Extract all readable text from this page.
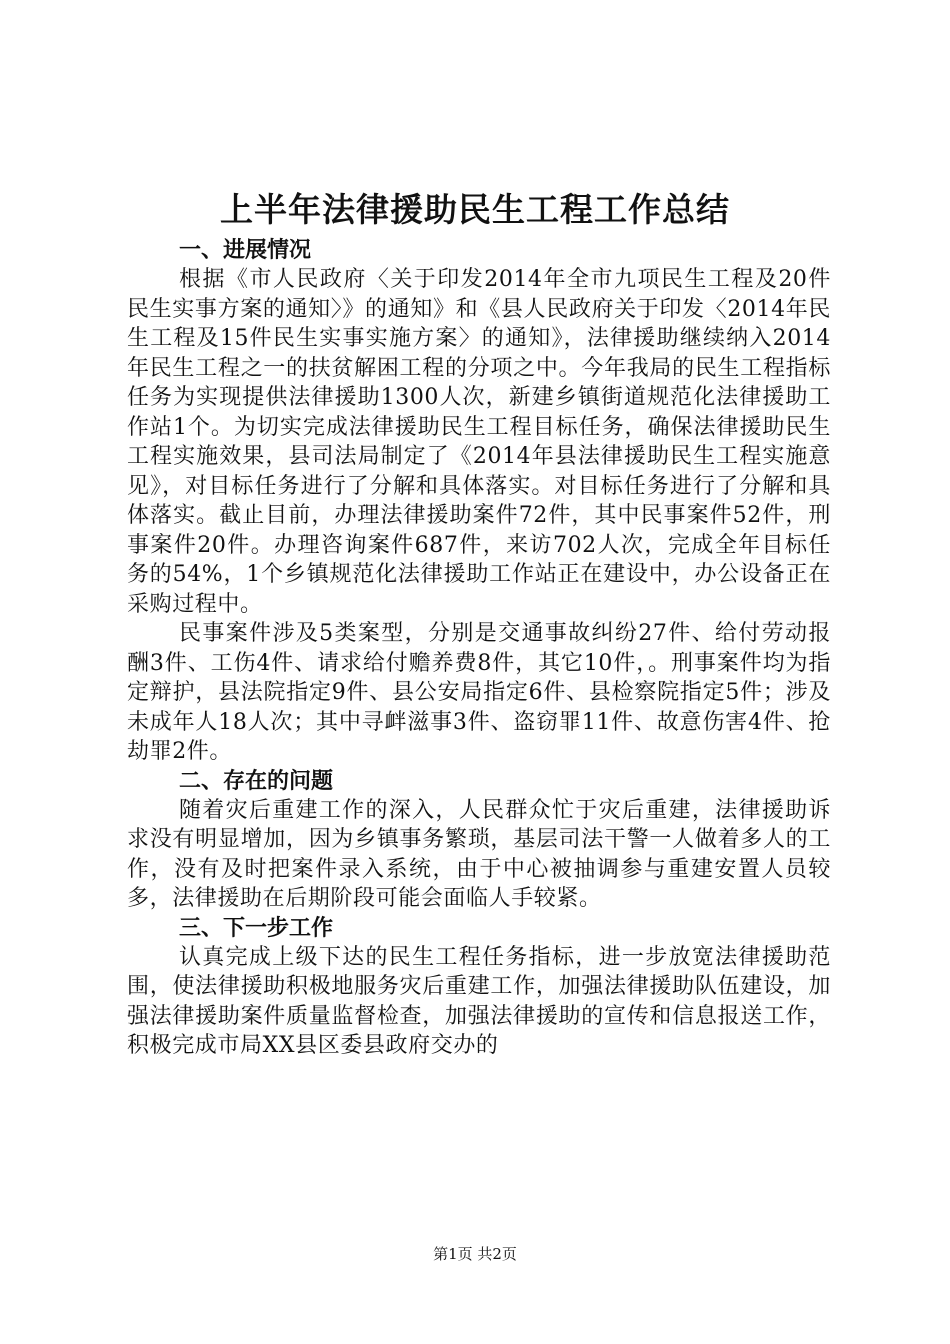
上半年法律援助民生工程工作总结
一、进展情况

根据《市人民政府〈关于印发2014年全市九项民生工程及20件民生实事方案的通知〉》的通知》和《县人民政府关于印发〈2014年民生工程及15件民生实事实施方案〉的通知》，法律援助继续纳入2014年民生工程之一的扶贫解困工程的分项之中。今年我局的民生工程指标任务为实现提供法律援助1300人次，新建乡镇街道规范化法律援助工作站1个。为切实完成法律援助民生工程目标任务，确保法律援助民生工程实施效果，县司法局制定了《2014年县法律援助民生工程实施意见》，对目标任务进行了分解和具体落实。对目标任务进行了分解和具体落实。截止目前，办理法律援助案件72件，其中民事案件52件，刑事案件20件。办理咨询案件687件，来访702人次，完成全年目标任务的54%，1个乡镇规范化法律援助工作站正在建设中，办公设备正在采购过程中。

民事案件涉及5类案型，分别是交通事故纠纷27件、给付劳动报酬3件、工伤4件、请求给付赡养费8件，其它10件，。刑事案件均为指定辩护，县法院指定9件、县公安局指定6件、县检察院指定5件；涉及未成年人18人次；其中寻衅滋事3件、盗窃罪11件、故意伤害4件、抢劫罪2件。

二、存在的问题

随着灾后重建工作的深入，人民群众忙于灾后重建，法律援助诉求没有明显增加，因为乡镇事务繁琐，基层司法干警一人做着多人的工作，没有及时把案件录入系统，由于中心被抽调参与重建安置人员较多，法律援助在后期阶段可能会面临人手较紧。

三、下一步工作

认真完成上级下达的民生工程任务指标，进一步放宽法律援助范围，使法律援助积极地服务灾后重建工作，加强法律援助队伍建设，加强法律援助案件质量监督检查，加强法律援助的宣传和信息报送工作，积极完成市局XX县区委县政府交办的

第1页 共2页
